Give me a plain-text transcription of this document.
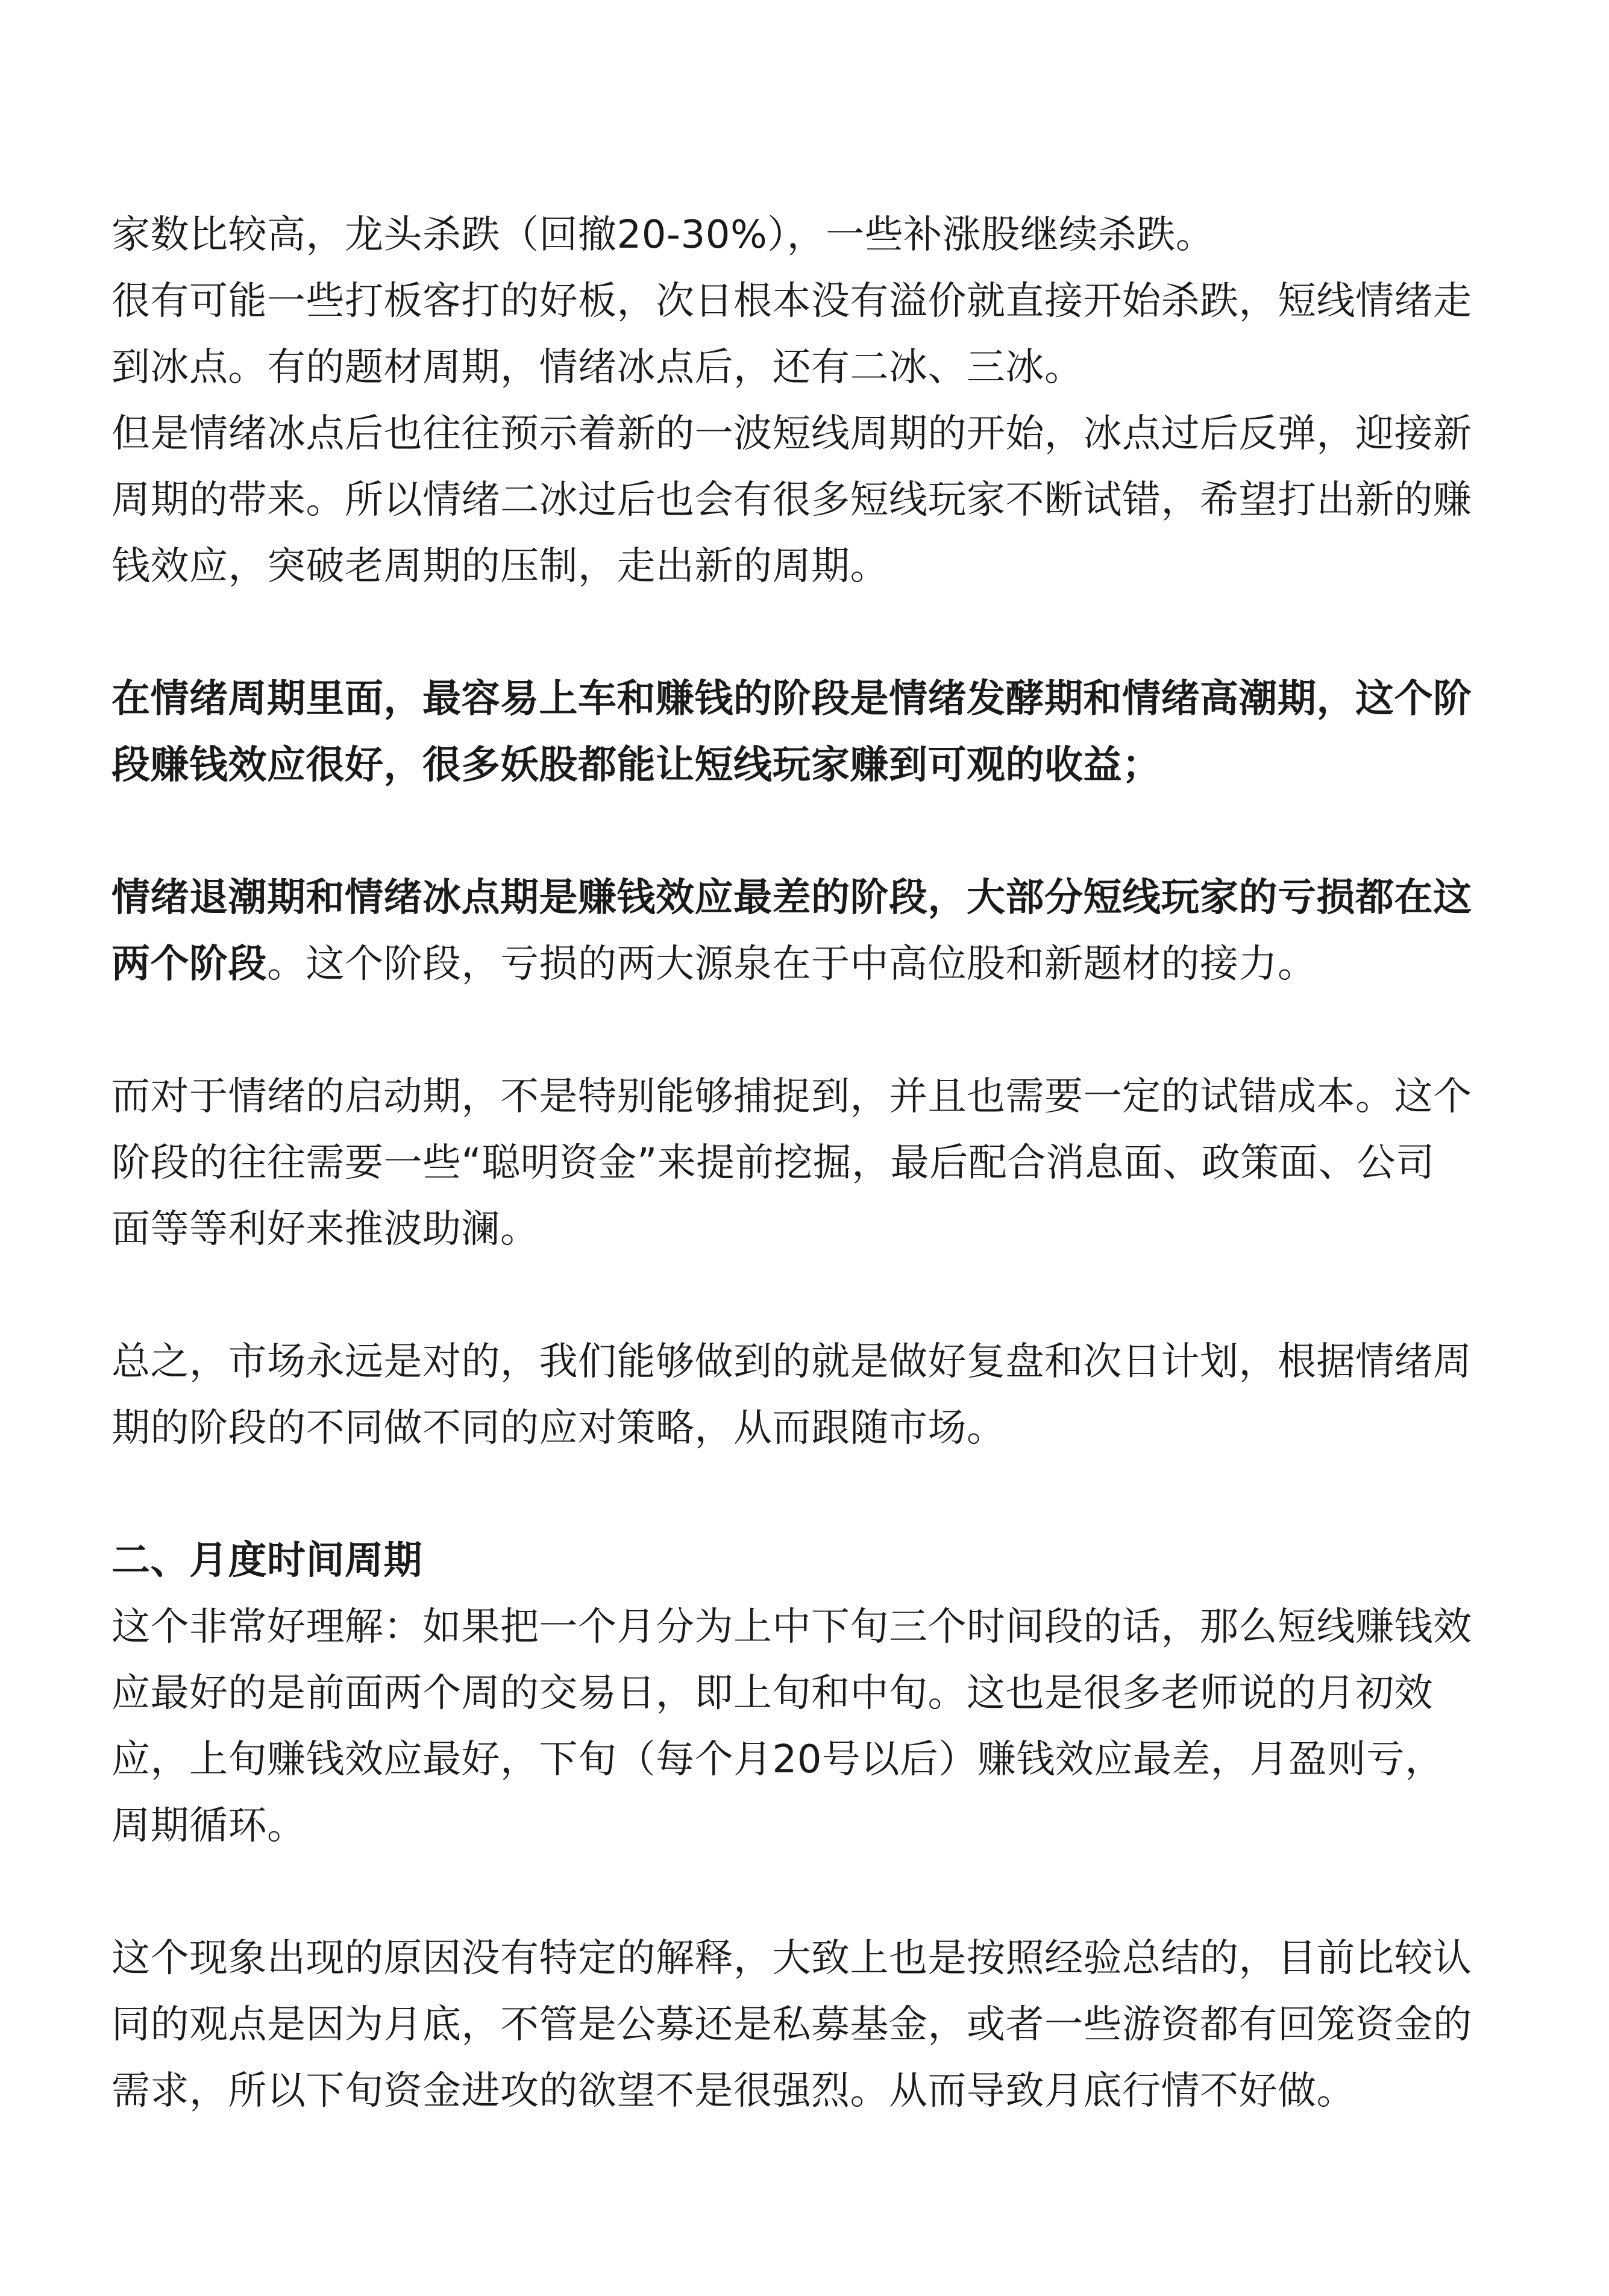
家数比较高，龙头杀跌（回撤20-30%），一些补涨股继续杀跌。

很有可能一些打板客打的好板，次日根本没有溢价就直接开始杀跌，短线情绪走

到冰点。有的题材周期，情绪冰点后，还有二冰、三冰。

但是情绪冰点后也往往预示着新的一波短线周期的开始，冰点过后反弹，迎接新

周期的带来。所以情绪二冰过后也会有很多短线玩家不断试错，希望打出新的赚

钱效应，突破老周期的压制，走出新的周期。

在情绪周期里面，最容易上车和赚钱的阶段是情绪发酵期和情绪高潮期，这个阶

段赚钱效应很好，很多妖股都能让短线玩家赚到可观的收益；

情绪退潮期和情绪冰点期是赚钱效应最差的阶段，大部分短线玩家的亏损都在这

两个阶段。这个阶段，亏损的两大源泉在于中高位股和新题材的接力。

而对于情绪的启动期，不是特别能够捕捉到，并且也需要一定的试错成本。这个

阶段的往往需要一些“聪明资金”来提前挖掘，最后配合消息面、政策面、公司

面等等利好来推波助澜。

总之，市场永远是对的，我们能够做到的就是做好复盘和次日计划，根据情绪周

期的阶段的不同做不同的应对策略，从而跟随市场。

二、月度时间周期

这个非常好理解：如果把一个月分为上中下旬三个时间段的话，那么短线赚钱效

应最好的是前面两个周的交易日，即上旬和中旬。这也是很多老师说的月初效

应，上旬赚钱效应最好，下旬（每个月20号以后）赚钱效应最差，月盈则亏，

周期循环。

这个现象出现的原因没有特定的解释，大致上也是按照经验总结的，目前比较认

同的观点是因为月底，不管是公募还是私募基金，或者一些游资都有回笼资金的

需求，所以下旬资金进攻的欲望不是很强烈。从而导致月底行情不好做。
